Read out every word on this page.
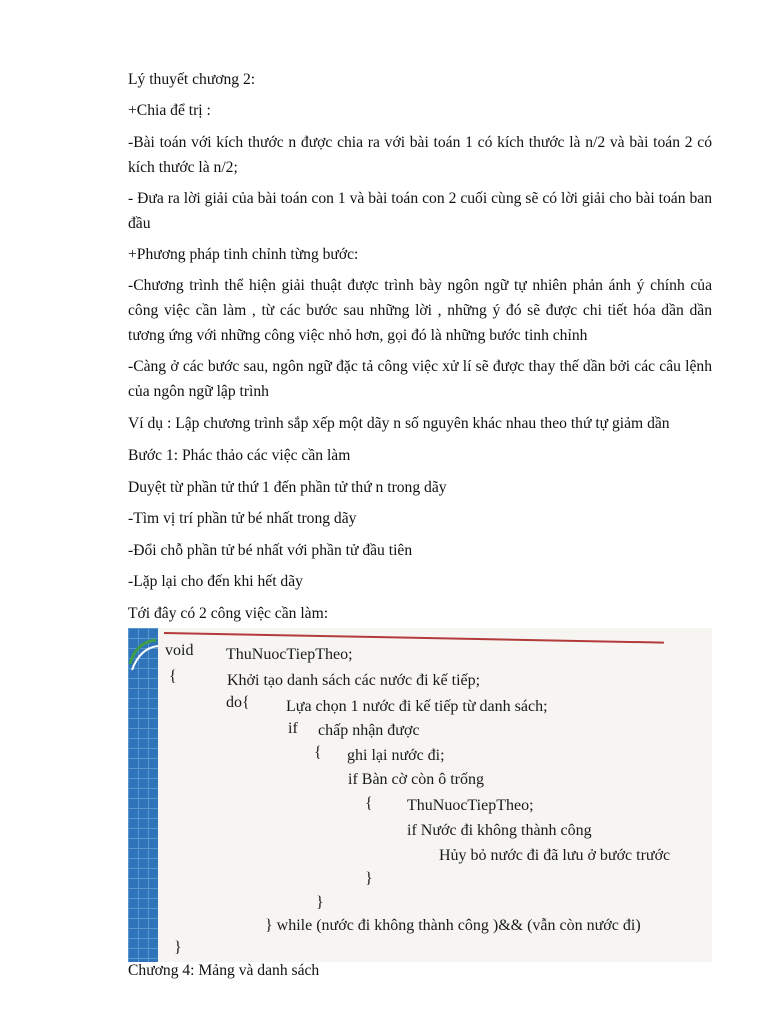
Lý thuyết chương 2:

+Chia để trị :

-Bài toán với kích thước n được chia ra với bài toán 1 có kích thước là n/2 và bài toán 2 có kích thước là n/2;

- Đưa ra lời giải của bài toán con 1 và bài toán con 2 cuối cùng sẽ có lời giải cho bài toán ban đầu

+Phương pháp tinh chỉnh từng bước:

-Chương trình thể hiện giải thuật được trình bày ngôn ngữ tự nhiên phản ánh ý chính của công việc cần làm , từ các bước sau những lời , những ý đó sẽ được chi tiết hóa dần dần tương ứng với những công việc nhỏ hơn, gọi đó là những bước tinh chỉnh

-Càng ở các bước sau, ngôn ngữ đặc tả công việc xử lí sẽ được thay thế dần bởi các câu lệnh của ngôn ngữ lập trình

Ví dụ : Lập chương trình sắp xếp một dãy n số nguyên khác nhau theo thứ tự giảm dần

Bước 1: Phác thảo các việc cần làm

Duyệt từ phần tử thứ 1 đến phần tử thứ n trong dãy

-Tìm vị trí phần tử bé nhất trong dãy

-Đổi chỗ phần tử bé nhất với phần tử đầu tiên

-Lặp lại cho đến khi hết dãy

Tới đây có 2 công việc cần làm:

Chương 4: Mảng và danh sách

void ThuNuocTiepTheo;
{	Khởi tạo danh sách các nước đi kế tiếp;
do{ Lựa chọn 1 nước đi kế tiếp từ danh sách;
if chấp nhận được
{ ghi lại nước đi;
if Bàn cờ còn ô trống
{ ThuNuocTiepTheo;
if Nước đi không thành công
Hủy bỏ nước đi đã lưu ở bước trước
}
}
} while (nước đi không thành công )&& (vẫn còn nước đi)
}
